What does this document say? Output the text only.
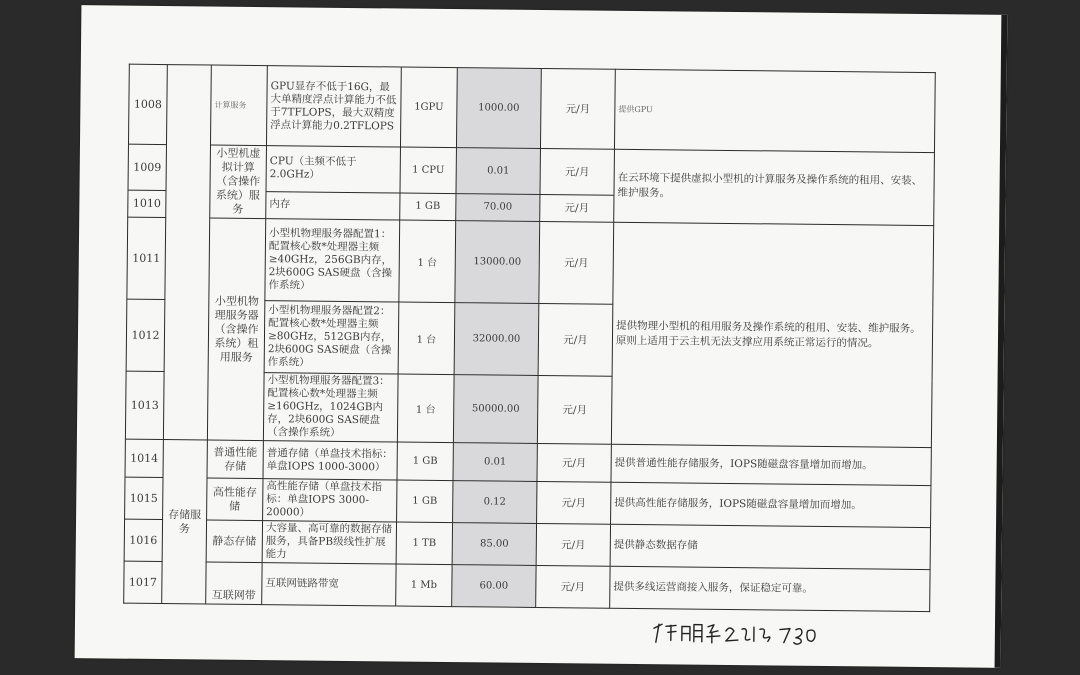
1008		计算服务	GPU显存不低于16G，最大单精度浮点计算能力不低于7TFLOPS，最大双精度浮点计算能力0.2TFLOPS	1GPU	1000.00	元/月	提供GPU
1009		小型机虚拟计算（含操作系统）服务	CPU（主频不低于2.0GHz）	1 CPU	0.01	元/月	在云环境下提供虚拟小型机的计算服务及操作系统的租用、安装、维护服务。
1010			内存	1 GB	70.00	元/月	
1011		小型机物理服务器（含操作系统）租用服务	小型机物理服务器配置1：配置核心数*处理器主频≥40GHz，256GB内存，2块600G SAS硬盘（含操作系统）	1 台	13000.00	元/月	提供物理小型机的租用服务及操作系统的租用、安装、维护服务。原则上适用于云主机无法支撑应用系统正常运行的情况。
1012			小型机物理服务器配置2：配置核心数*处理器主频≥80GHz，512GB内存，2块600G SAS硬盘（含操作系统）	1 台	32000.00	元/月	
1013			小型机物理服务器配置3：配置核心数*处理器主频≥160GHz，1024GB内存，2块600G SAS硬盘（含操作系统）	1 台	50000.00	元/月	
1014	存储服务	普通性能存储	普通存储（单盘技术指标：单盘IOPS 1000-3000）	1 GB	0.01	元/月	提供普通性能存储服务，IOPS随磁盘容量增加而增加。
1015		高性能存储	高性能存储（单盘技术指标：单盘IOPS 3000-20000）	1 GB	0.12	元/月	提供高性能存储服务，IOPS随磁盘容量增加而增加。
1016		静态存储	大容量、高可靠的数据存储服务，具备PB级线性扩展能力	1 TB	85.00	元/月	提供静态数据存储
1017		互联网带	互联网链路带宽	1 Mb	60.00	元/月	提供多线运营商接入服务，保证稳定可靠。
